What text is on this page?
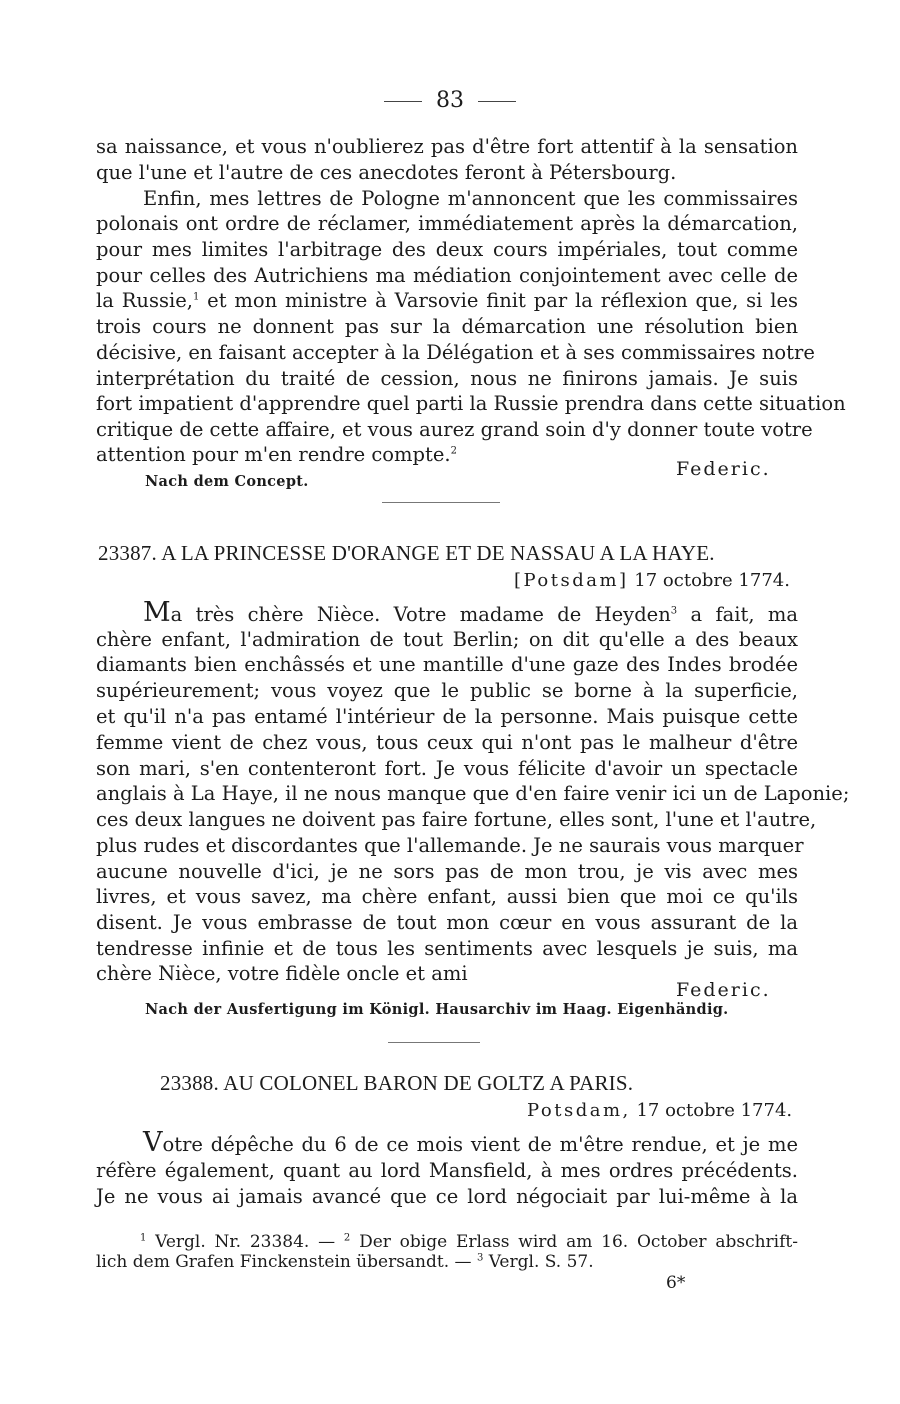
83
sa naissance, et vous n'oublierez pas d'être fort attentif à la sensation
que l'une et l'autre de ces anecdotes feront à Pétersbourg.
Enfin, mes lettres de Pologne m'annoncent que les commissaires
polonais ont ordre de réclamer, immédiatement après la démarcation,
pour mes limites l'arbitrage des deux cours impériales, tout comme
pour celles des Autrichiens ma médiation conjointement avec celle de
la Russie,$^1$ et mon ministre à Varsovie finit par la réflexion que, si les
trois cours ne donnent pas sur la démarcation une résolution bien
décisive, en faisant accepter à la Délégation et à ses commissaires notre
interprétation du traité de cession, nous ne finirons jamais. Je suis
fort impatient d'apprendre quel parti la Russie prendra dans cette situation
critique de cette affaire, et vous aurez grand soin d'y donner toute votre
attention pour m'en rendre compte.$^2$
Federic.
Nach dem Concept.
23387. A LA PRINCESSE D'ORANGE ET DE NASSAU A LA HAYE.
[Potsdam] 17 octobre 1774.
Ma très chère Nièce. Votre madame de Heyden$^3$ a fait, ma
chère enfant, l'admiration de tout Berlin; on dit qu'elle a des beaux
diamants bien enchâssés et une mantille d'une gaze des Indes brodée
supérieurement; vous voyez que le public se borne à la superficie,
et qu'il n'a pas entamé l'intérieur de la personne. Mais puisque cette
femme vient de chez vous, tous ceux qui n'ont pas le malheur d'être
son mari, s'en contenteront fort. Je vous félicite d'avoir un spectacle
anglais à La Haye, il ne nous manque que d'en faire venir ici un de Laponie;
ces deux langues ne doivent pas faire fortune, elles sont, l'une et l'autre,
plus rudes et discordantes que l'allemande. Je ne saurais vous marquer
aucune nouvelle d'ici, je ne sors pas de mon trou, je vis avec mes
livres, et vous savez, ma chère enfant, aussi bien que moi ce qu'ils
disent. Je vous embrasse de tout mon cœur en vous assurant de la
tendresse infinie et de tous les sentiments avec lesquels je suis, ma
chère Nièce, votre fidèle oncle et ami
Federic.
Nach der Ausfertigung im Königl. Hausarchiv im Haag. Eigenhändig.
23388. AU COLONEL BARON DE GOLTZ A PARIS.
Potsdam, 17 octobre 1774.
Votre dépêche du 6 de ce mois vient de m'être rendue, et je me
réfère également, quant au lord Mansfield, à mes ordres précédents.
Je ne vous ai jamais avancé que ce lord négociait par lui-même à la
$^1$ Vergl. Nr. 23384. — $^2$ Der obige Erlass wird am 16. October abschrift-
lich dem Grafen Finckenstein übersandt. — $^3$ Vergl. S. 57.
6*
